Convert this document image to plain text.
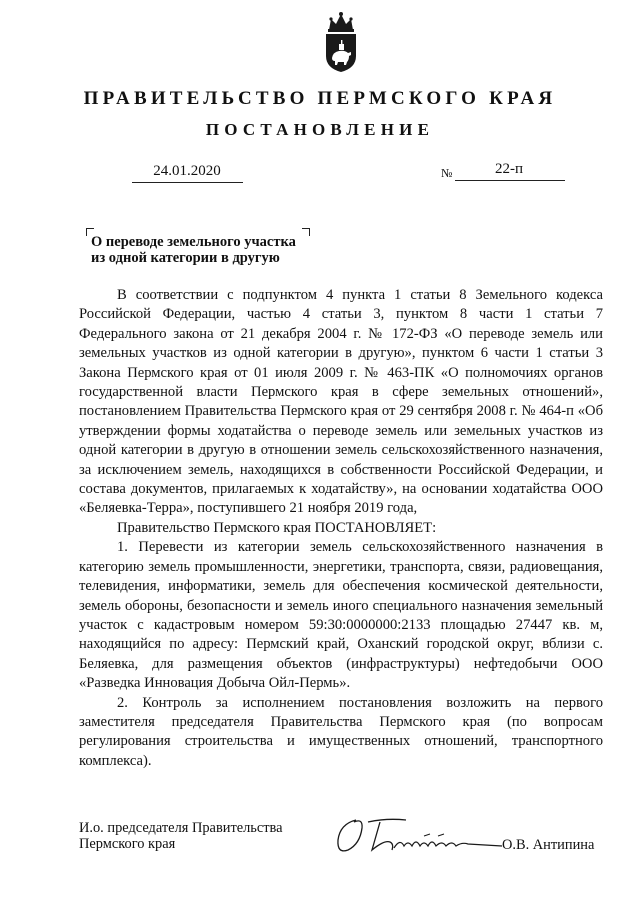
ПРАВИТЕЛЬСТВО ПЕРМСКОГО КРАЯ
ПОСТАНОВЛЕНИЕ
24.01.2020	№	22-п
О переводе земельного участка
из одной категории в другую

В соответствии с подпунктом 4 пункта 1 статьи 8 Земельного кодекса Российской Федерации, частью 4 статьи 3, пунктом 8 части 1 статьи 7 Федерального закона от 21 декабря 2004 г. № 172-ФЗ «О переводе земель или земельных участков из одной категории в другую», пунктом 6 части 1 статьи 3 Закона Пермского края от 01 июля 2009 г. № 463-ПК «О полномочиях органов государственной власти Пермского края в сфере земельных отношений», постановлением Правительства Пермского края от 29 сентября 2008 г. № 464-п «Об утверждении формы ходатайства о переводе земель или земельных участков из одной категории в другую в отношении земель сельскохозяйственного назначения, за исключением земель, находящихся в собственности Российской Федерации, и состава документов, прилагаемых к ходатайству», на основании ходатайства ООО «Беляевка-Терра», поступившего 21 ноября 2019 года,

Правительство Пермского края ПОСТАНОВЛЯЕТ:

1. Перевести из категории земель сельскохозяйственного назначения в категорию земель промышленности, энергетики, транспорта, связи, радиовещания, телевидения, информатики, земель для обеспечения космической деятельности, земель обороны, безопасности и земель иного специального назначения земельный участок с кадастровым номером 59:30:0000000:2133 площадью 27447 кв. м, находящийся по адресу: Пермский край, Оханский городской округ, вблизи с. Беляевка, для размещения объектов (инфраструктуры) нефтедобычи ООО «Разведка Инновация Добыча Ойл-Пермь».

2. Контроль за исполнением постановления возложить на первого заместителя председателя Правительства Пермского края (по вопросам регулирования строительства и имущественных отношений, транспортного комплекса).

И.о. председателя Правительства
Пермского края	О.В. Антипина
